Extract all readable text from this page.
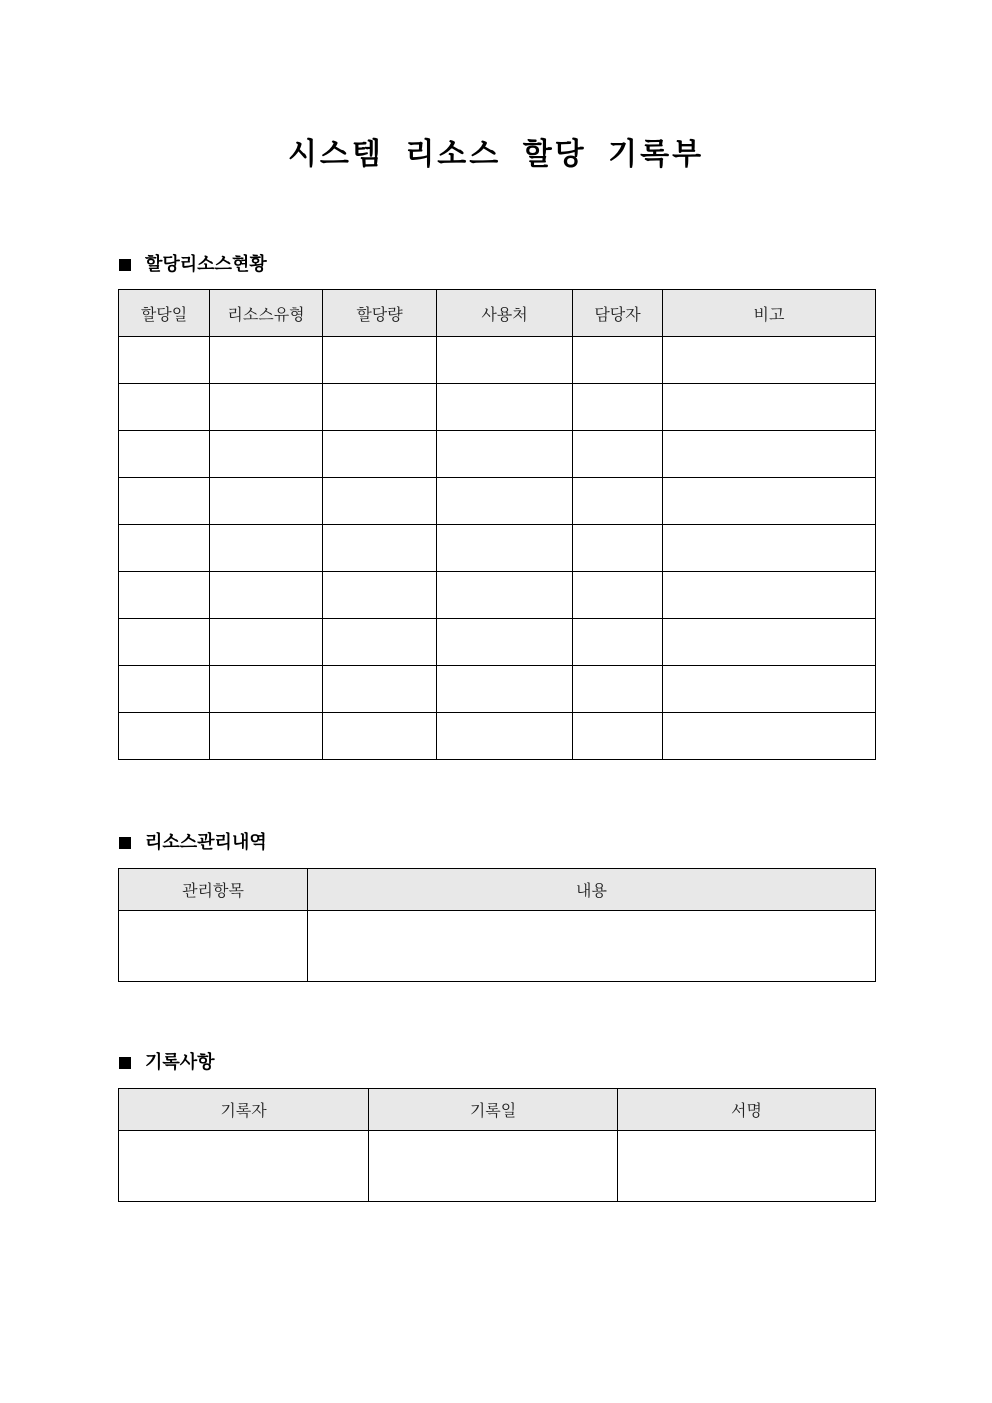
시스템 리소스 할당 기록부
할당리소스현황
할당일	리소스유형	할당량	사용처	담당자	비고

리소스관리내역
관리항목	내용

기록사항
기록자	기록일	서명
